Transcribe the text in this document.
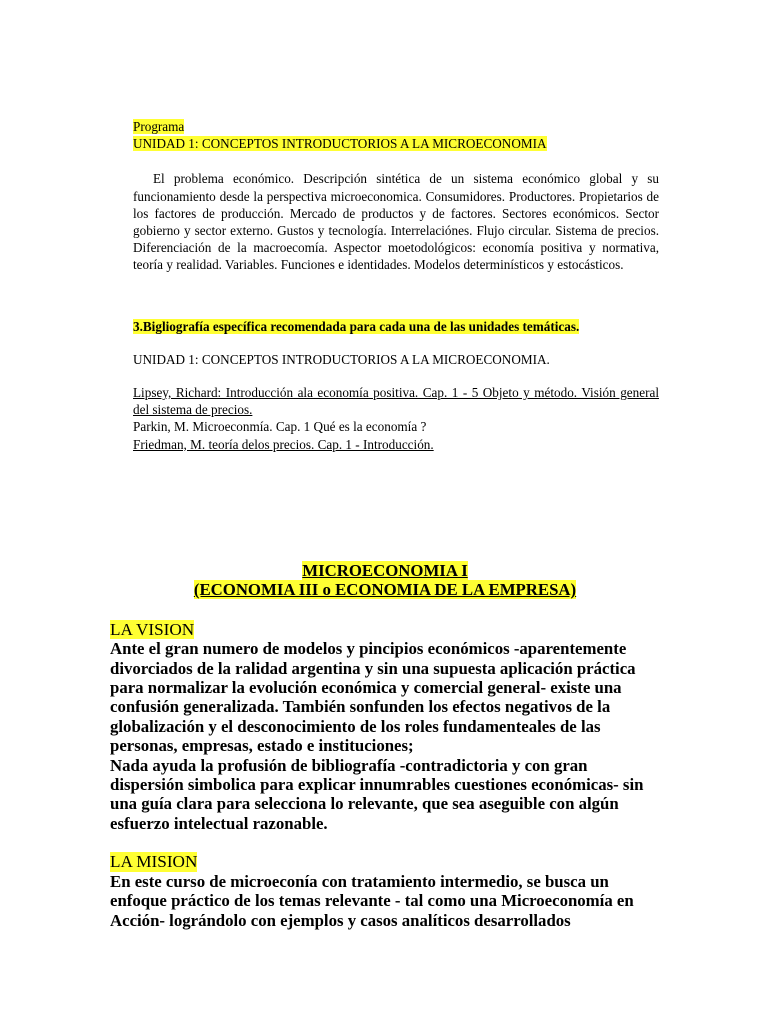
Programa
UNIDAD 1: CONCEPTOS INTRODUCTORIOS A LA MICROECONOMIA
El problema económico. Descripción sintética de un sistema económico global y su funcionamiento desde la perspectiva microeconomica. Consumidores. Productores. Propietarios de los factores de producción. Mercado de productos y de factores. Sectores económicos. Sector gobierno y sector externo. Gustos y tecnología. Interrelaciónes. Flujo circular. Sistema de precios. Diferenciación de la macroecomía. Aspector moetodológicos: economía positiva y normativa, teoría y realidad. Variables. Funciones e identidades. Modelos determinísticos y estocásticos.
3.Bigliografía específica recomendada para cada una de las unidades temáticas.
UNIDAD 1: CONCEPTOS INTRODUCTORIOS A LA MICROECONOMIA.
Lipsey, Richard: Introducción ala economía positiva. Cap. 1 - 5 Objeto y método. Visión general del sistema de precios.
Parkin, M. Microeconmía. Cap. 1 Qué es la economía ?
Friedman, M. teoría delos precios. Cap. 1 - Introducción.
MICROECONOMIA I
(ECONOMIA III o ECONOMIA DE LA EMPRESA)
LA VISION
Ante el gran numero de modelos y pincipios económicos -aparentemente
divorciados de la ralidad argentina y sin una supuesta aplicación práctica
para normalizar la evolución económica y comercial general- existe una
confusión generalizada. También sonfunden los efectos negativos de la
globalización y el desconocimiento de los roles fundamenteales de las
personas, empresas, estado e instituciones;
Nada ayuda la profusión de bibliografía -contradictoria y con gran
dispersión simbolica para explicar innumrables cuestiones económicas- sin
una guía clara para selecciona lo relevante, que sea aseguible con algún
esfuerzo intelectual razonable.
LA MISION
En este curso de microeconía con tratamiento intermedio, se busca un
enfoque práctico de los temas relevante - tal como una Microeconomía en
Acción- lográndolo con ejemplos y casos analíticos desarrollados
